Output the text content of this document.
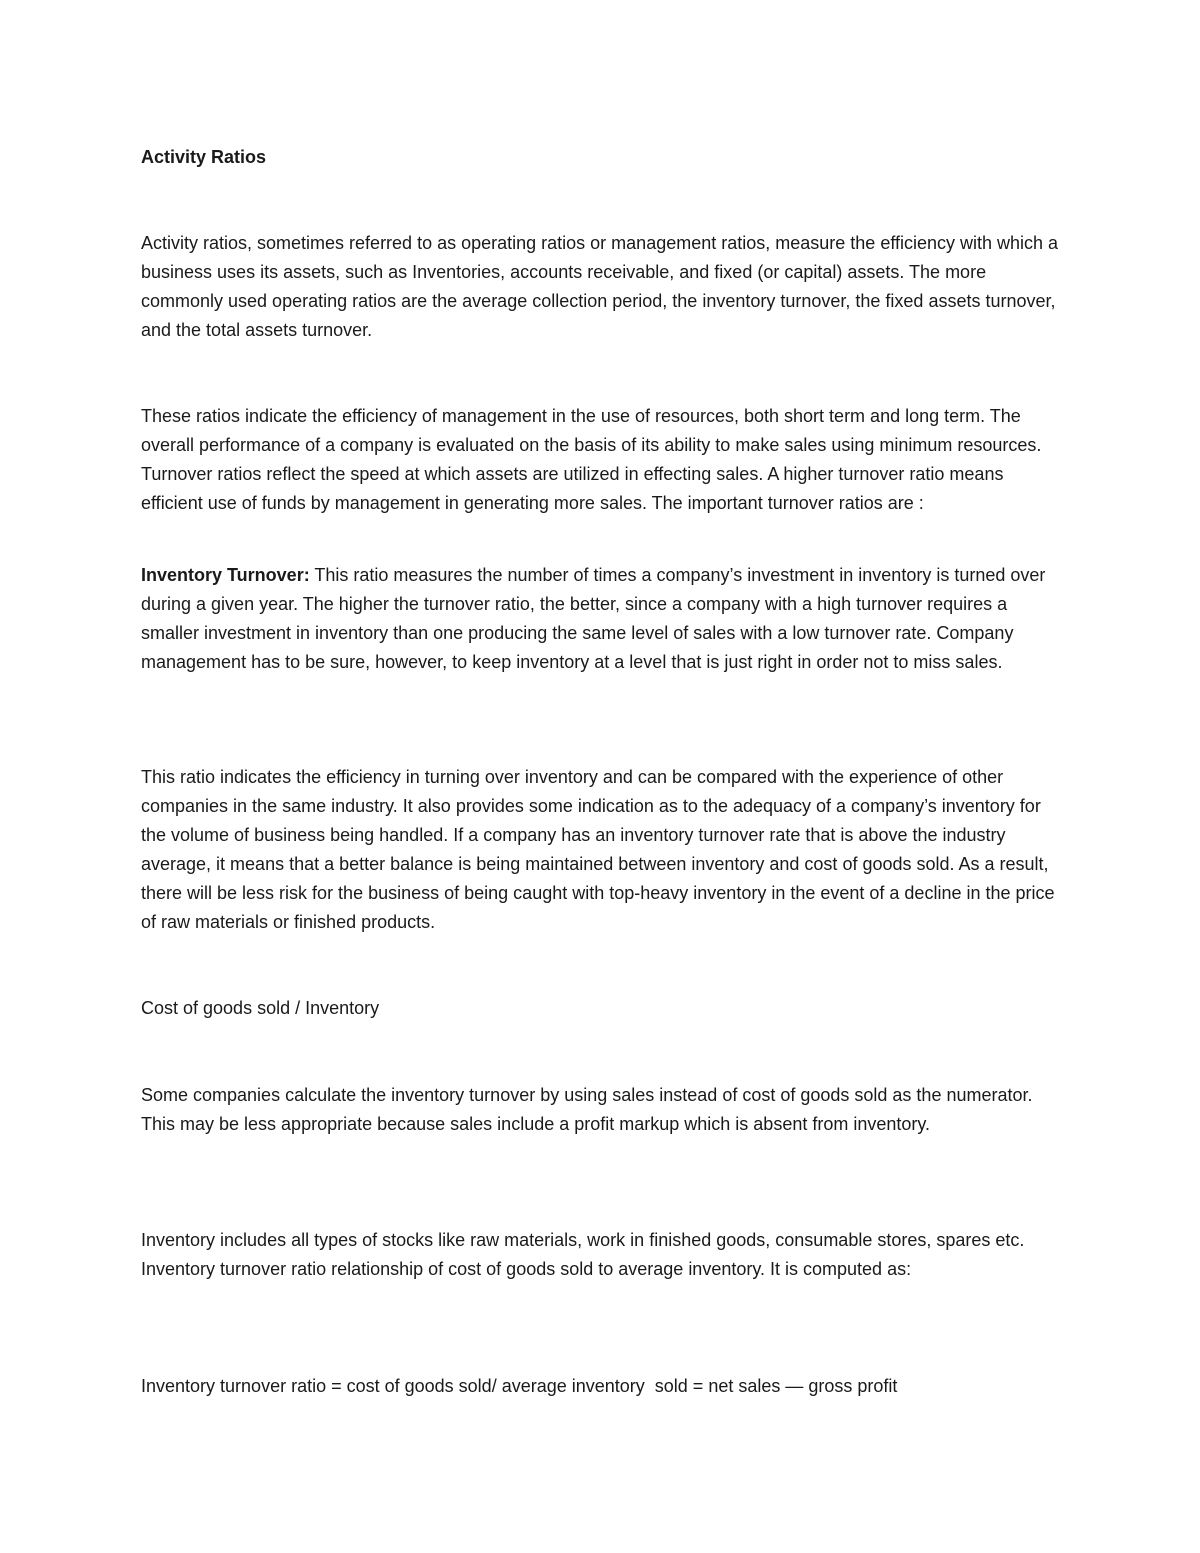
Activity Ratios

Activity ratios, sometimes referred to as operating ratios or management ratios, measure the efficiency with which a business uses its assets, such as Inventories, accounts receivable, and fixed (or capital) assets. The more commonly used operating ratios are the average collection period, the inventory turnover, the fixed assets turnover, and the total assets turnover.

These ratios indicate the efficiency of management in the use of resources, both short term and long term. The overall performance of a company is evaluated on the basis of its ability to make sales using minimum resources. Turnover ratios reflect the speed at which assets are utilized in effecting sales. A higher turnover ratio means efficient use of funds by management in generating more sales. The important turnover ratios are :

Inventory Turnover: This ratio measures the number of times a company’s investment in inventory is turned over during a given year. The higher the turnover ratio, the better, since a company with a high turnover requires a smaller investment in inventory than one producing the same level of sales with a low turnover rate. Company management has to be sure, however, to keep inventory at a level that is just right in order not to miss sales.

This ratio indicates the efficiency in turning over inventory and can be compared with the experience of other companies in the same industry. It also provides some indication as to the adequacy of a company’s inventory for the volume of business being handled. If a company has an inventory turnover rate that is above the industry average, it means that a better balance is being maintained between inventory and cost of goods sold. As a result, there will be less risk for the business of being caught with top-heavy inventory in the event of a decline in the price of raw materials or finished products.

Cost of goods sold / Inventory

Some companies calculate the inventory turnover by using sales instead of cost of goods sold as the numerator. This may be less appropriate because sales include a profit markup which is absent from inventory.

Inventory includes all types of stocks like raw materials, work in finished goods, consumable stores, spares etc. Inventory turnover ratio relationship of cost of goods sold to average inventory. It is computed as:

Inventory turnover ratio = cost of goods sold/ average inventory  sold = net sales — gross profit
